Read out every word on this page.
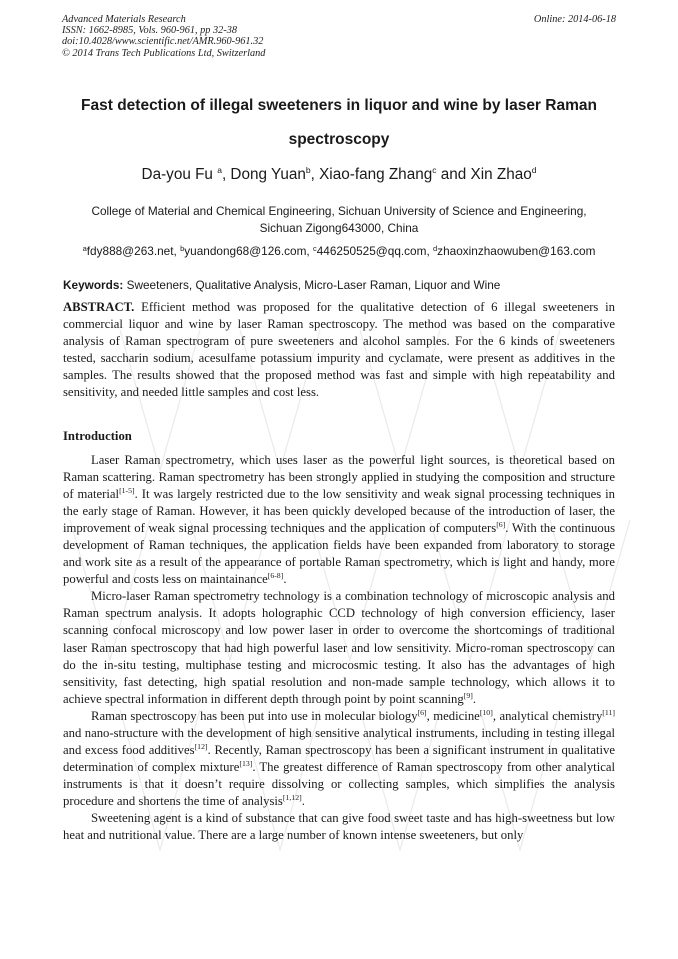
Advanced Materials Research
ISSN: 1662-8985, Vols. 960-961, pp 32-38
doi:10.4028/www.scientific.net/AMR.960-961.32
© 2014 Trans Tech Publications Ltd, Switzerland
Online: 2014-06-18
Fast detection of illegal sweeteners in liquor and wine by laser Raman
spectroscopy
Da-you Fu $^a$, Dong Yuan$^b$, Xiao-fang Zhang$^c$ and Xin Zhao$^d$
College of Material and Chemical Engineering, Sichuan University of Science and Engineering,
Sichuan Zigong643000, China
$^a$fdy888@263.net, $^b$yuandong68@126.com, $^c$446250525@qq.com, $^d$zhaoxinzhaowuben@163.com
Keywords: Sweeteners, Qualitative Analysis, Micro-Laser Raman, Liquor and Wine

ABSTRACT. Efficient method was proposed for the qualitative detection of 6 illegal sweeteners in commercial liquor and wine by laser Raman spectroscopy. The method was based on the comparative analysis of Raman spectrogram of pure sweeteners and alcohol samples. For the 6 kinds of sweeteners tested, saccharin sodium, acesulfame potassium impurity and cyclamate, were present as additives in the samples. The results showed that the proposed method was fast and simple with high repeatability and sensitivity, and needed little samples and cost less.

Introduction

Laser Raman spectrometry, which uses laser as the powerful light sources, is theoretical based on Raman scattering. Raman spectrometry has been strongly applied in studying the composition and structure of material[1-5]. It was largely restricted due to the low sensitivity and weak signal processing techniques in the early stage of Raman. However, it has been quickly developed because of the introduction of laser, the improvement of weak signal processing techniques and the application of computers[6]. With the continuous development of Raman techniques, the application fields have been expanded from laboratory to storage and work site as a result of the appearance of portable Raman spectrometry, which is light and handy, more powerful and costs less on maintainance[6-8].

Micro-laser Raman spectrometry technology is a combination technology of microscopic analysis and Raman spectrum analysis. It adopts holographic CCD technology of high conversion efficiency, laser scanning confocal microscopy and low power laser in order to overcome the shortcomings of traditional laser Raman spectroscopy that had high powerful laser and low sensitivity. Micro-roman spectroscopy can do the in-situ testing, multiphase testing and microcosmic testing. It also has the advantages of high sensitivity, fast detecting, high spatial resolution and non-made sample technology, which allows it to achieve spectral information in different depth through point by point scanning[9].

Raman spectroscopy has been put into use in molecular biology[6], medicine[10], analytical chemistry[11] and nano-structure with the development of high sensitive analytical instruments, including in testing illegal and excess food additives[12]. Recently, Raman spectroscopy has been a significant instrument in qualitative determination of complex mixture[13]. The greatest difference of Raman spectroscopy from other analytical instruments is that it doesn’t require dissolving or collecting samples, which simplifies the analysis procedure and shortens the time of analysis[1,12].

Sweetening agent is a kind of substance that can give food sweet taste and has high-sweetness but low heat and nutritional value. There are a large number of known intense sweeteners, but only
